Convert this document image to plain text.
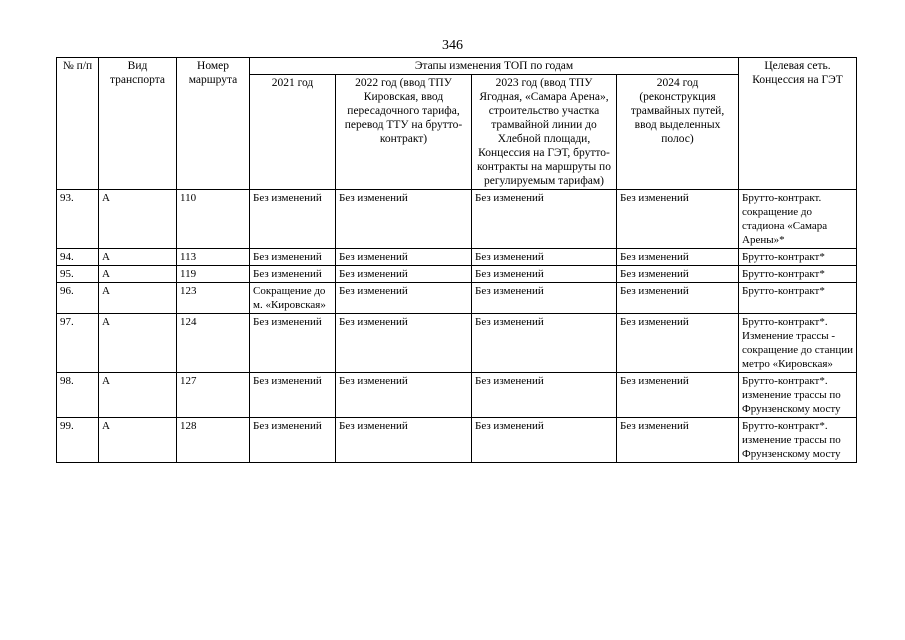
346
№ п/п	Вид транспорта	Номер маршрута	Этапы изменения ТОП по годам				Целевая сеть. Концессия на ГЭТ
			2021 год	2022 год (ввод ТПУ Кировская, ввод пересадочного тарифа, перевод ТТУ на брутто-контракт)	2023 год (ввод ТПУ Ягодная, «Самара Арена», строительство участка трамвайной линии до Хлебной площади, Концессия на ГЭТ, брутто-контракты на маршруты по регулируемым тарифам)	2024 год (реконструкция трамвайных путей, ввод выделенных полос)	
93.	А	110	Без изменений	Без изменений	Без изменений	Без изменений	Брутто-контракт. сокращение до стадиона «Самара Арены»*
94.	А	113	Без изменений	Без изменений	Без изменений	Без изменений	Брутто-контракт*
95.	А	119	Без изменений	Без изменений	Без изменений	Без изменений	Брутто-контракт*
96.	А	123	Сокращение до м. «Кировская»	Без изменений	Без изменений	Без изменений	Брутто-контракт*
97.	А	124	Без изменений	Без изменений	Без изменений	Без изменений	Брутто-контракт*. Изменение трассы - сокращение до станции метро «Кировская»
98.	А	127	Без изменений	Без изменений	Без изменений	Без изменений	Брутто-контракт*. изменение трассы по Фрунзенскому мосту
99.	А	128	Без изменений	Без изменений	Без изменений	Без изменений	Брутто-контракт*. изменение трассы по Фрунзенскому мосту
